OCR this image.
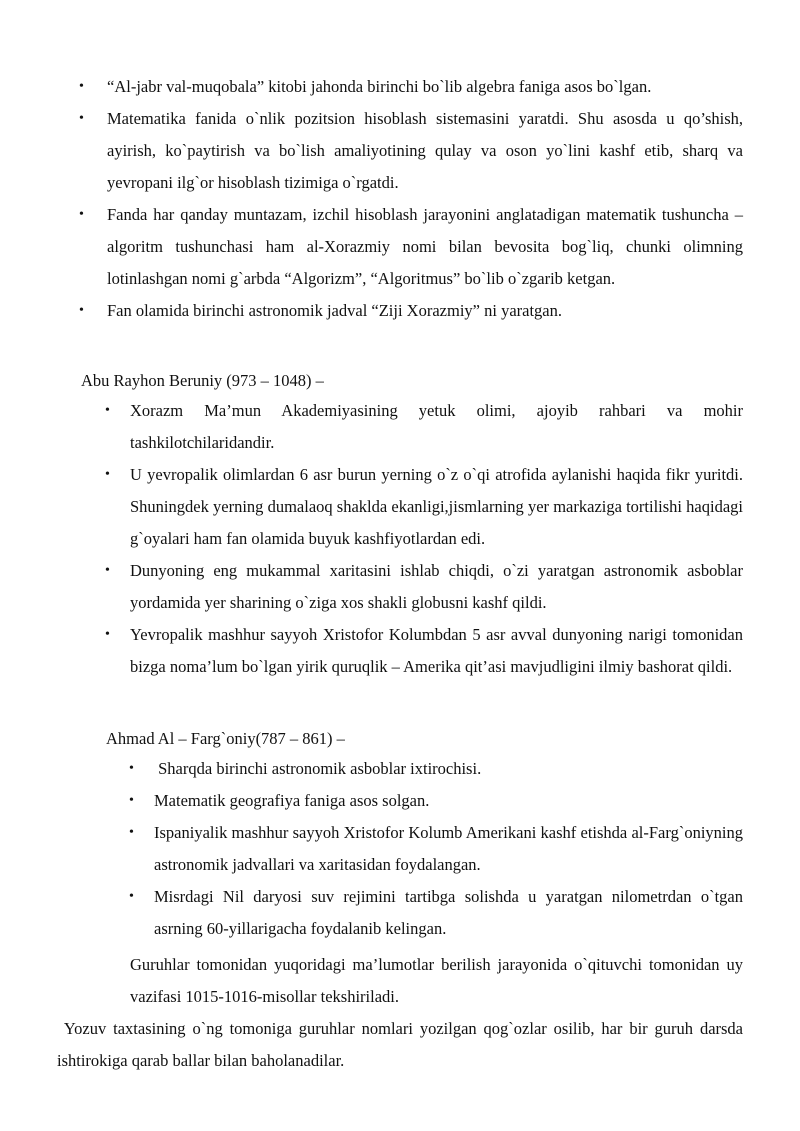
• “Al-jabr val-muqobala” kitobi jahonda birinchi bo`lib algebra faniga asos bo`lgan.
• Matematika fanida o`nlik pozitsion hisoblash sistemasini yaratdi. Shu asosda u qo’shish, ayirish, ko`paytirish va bo`lish amaliyotining qulay va oson yo`lini kashf etib, sharq va yevropani ilg`or hisoblash tizimiga o`rgatdi.
• Fanda har qanday muntazam, izchil hisoblash jarayonini anglatadigan matematik tushuncha – algoritm tushunchasi ham al-Xorazmiy nomi bilan bevosita bog`liq, chunki olimning lotinlashgan nomi g`arbda “Algorizm”, “Algoritmus” bo`lib o`zgarib ketgan.
• Fan olamida birinchi astronomik jadval “Ziji Xorazmiy” ni yaratgan.
Abu Rayhon Beruniy (973 – 1048) –
• Xorazm Ma’mun Akademiyasining yetuk olimi, ajoyib rahbari va mohir tashkilotchilaridandir.
• U yevropalik olimlardan 6 asr burun yerning o`z o`qi atrofida aylanishi haqida fikr yuritdi. Shuningdek yerning dumalaoq shaklda ekanligi,jismlarning yer markaziga tortilishi haqidagi g`oyalari ham fan olamida buyuk kashfiyotlardan edi.
• Dunyoning eng mukammal xaritasini ishlab chiqdi, o`zi yaratgan astronomik asboblar yordamida yer sharining o`ziga xos shakli globusni kashf qildi.
• Yevropalik mashhur sayyoh Xristofor Kolumbdan 5 asr avval dunyoning narigi tomonidan bizga noma’lum bo`lgan yirik quruqlik – Amerika qit’asi mavjudligini ilmiy bashorat qildi.
Ahmad Al – Farg`oniy(787 – 861) –
• Sharqda birinchi astronomik asboblar ixtirochisi.
• Matematik geografiya faniga asos solgan.
• Ispaniyalik mashhur sayyoh Xristofor Kolumb Amerikani kashf etishda al-Farg`oniyning astronomik jadvallari va xaritasidan foydalangan.
• Misrdagi Nil daryosi suv rejimini tartibga solishda u yaratgan nilometrdan o`tgan asrning 60-yillarigacha foydalanib kelingan.
Guruhlar tomonidan yuqoridagi ma’lumotlar berilish jarayonida o`qituvchi tomonidan uy vazifasi 1015-1016-misollar tekshiriladi.
Yozuv taxtasining o`ng tomoniga guruhlar nomlari yozilgan qog`ozlar osilib, har bir guruh darsda ishtirokiga qarab ballar bilan baholanadilar.
